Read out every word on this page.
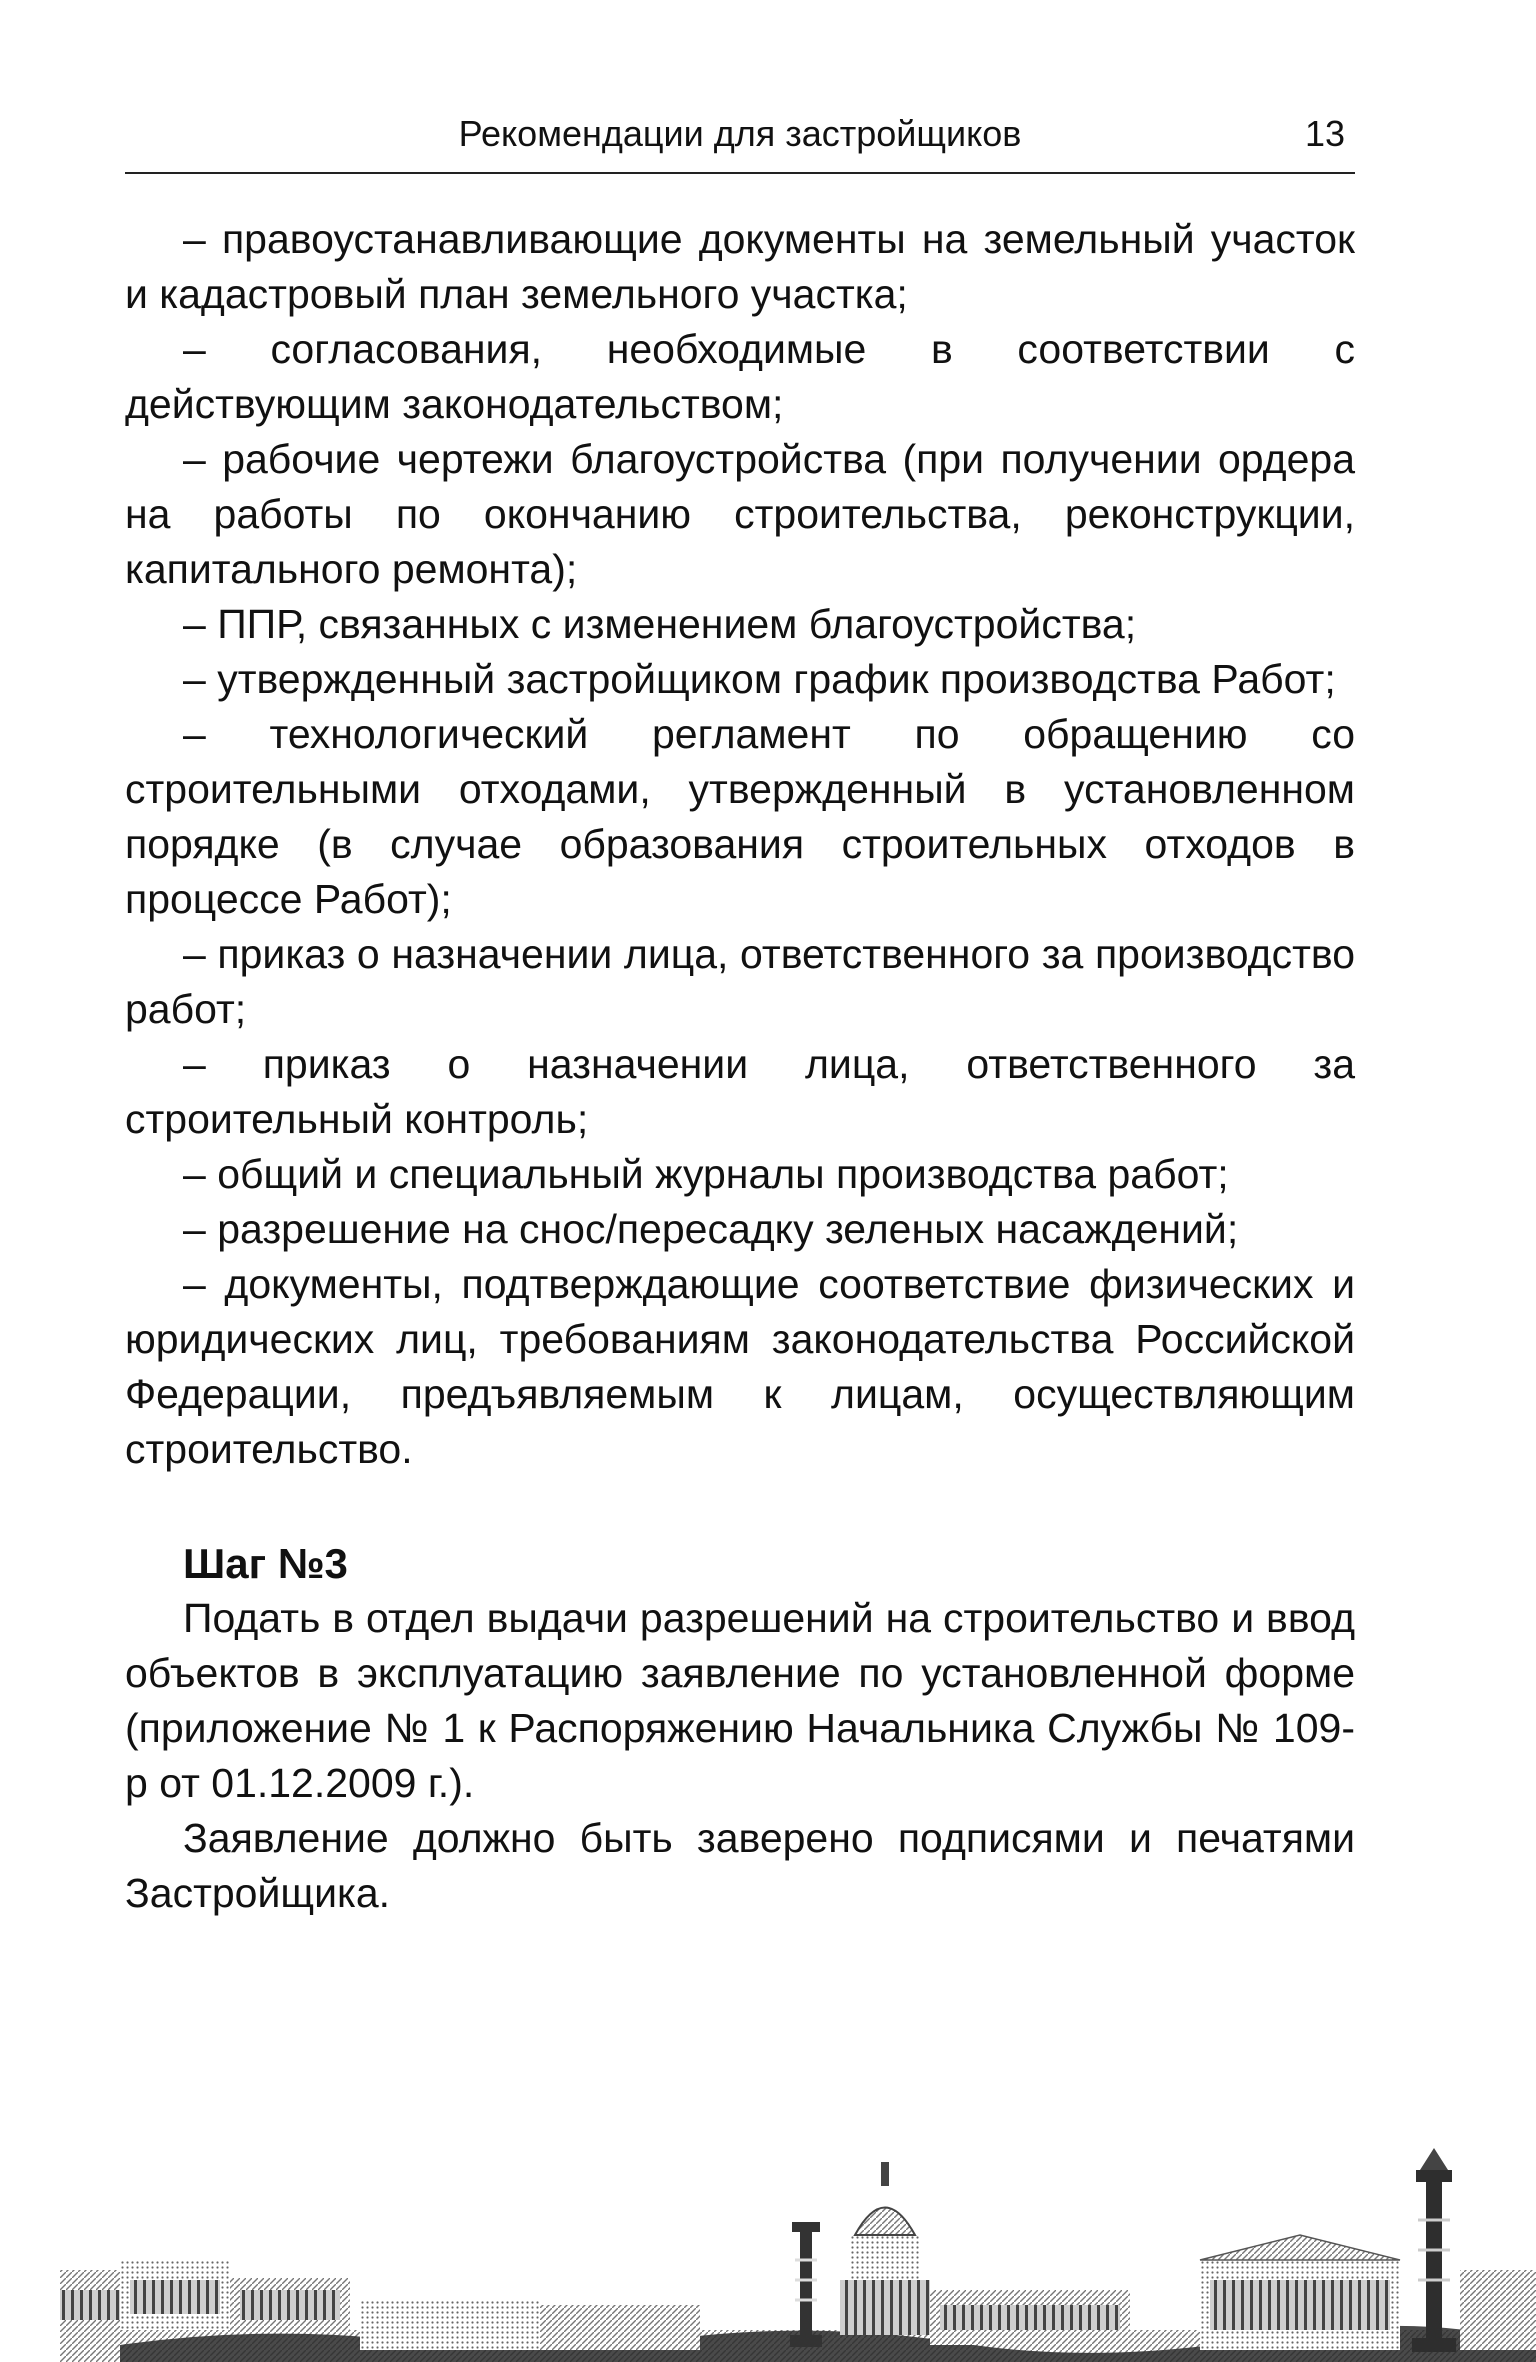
Рекомендации для застройщиков	13

– правоустанавливающие документы на земельный участок и кадастровый план земельного участка;

– согласования, необходимые в соответствии с действующим законодательством;

– рабочие чертежи благоустройства (при получении ордера на работы по окончанию строительства, реконструкции, капитального ремонта);

– ППР, связанных с изменением благоустройства;

– утвержденный застройщиком график производства Работ;

– технологический регламент по обращению со строительными отходами, утвержденный в установленном порядке (в случае образования строительных отходов в процессе Работ);

– приказ о назначении лица, ответственного за производство работ;

– приказ о назначении лица, ответственного за строительный контроль;

– общий и специальный журналы производства работ;

– разрешение на снос/пересадку зеленых насаждений;

– документы, подтверждающие соответствие физических и юридических лиц, требованиям законодательства Российской Федерации, предъявляемым к лицам, осуществляющим строительство.

Шаг №3

Подать в отдел выдачи разрешений на строительство и ввод объектов в эксплуатацию заявление по установленной форме (приложение № 1 к Распоряжению Начальника Службы № 109-р от 01.12.2009 г.).

Заявление должно быть заверено подписями и печатями Застройщика.
